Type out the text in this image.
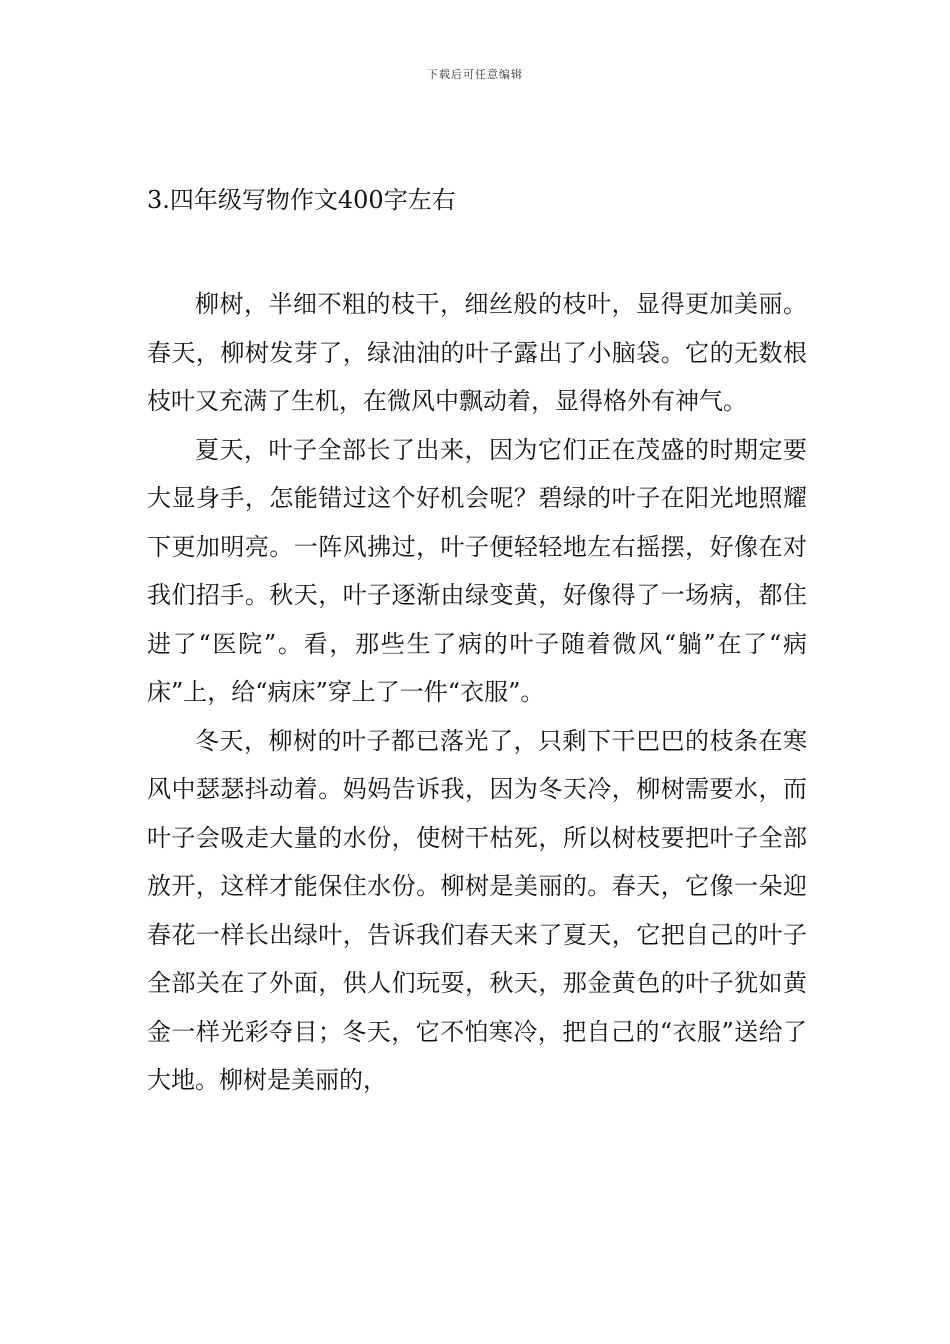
下载后可任意编辑
3.四年级写物作文400字左右

柳树，半细不粗的枝干，细丝般的枝叶，显得更加美丽。春天，柳树发芽了，绿油油的叶子露出了小脑袋。它的无数根枝叶又充满了生机，在微风中飘动着，显得格外有神气。

夏天，叶子全部长了出来，因为它们正在茂盛的时期定要大显身手，怎能错过这个好机会呢？碧绿的叶子在阳光地照耀下更加明亮。一阵风拂过，叶子便轻轻地左右摇摆，好像在对我们招手。秋天，叶子逐渐由绿变黄，好像得了一场病，都住进了“医院”。看，那些生了病的叶子随着微风“躺”在了“病床”上，给“病床”穿上了一件“衣服”。

冬天，柳树的叶子都已落光了，只剩下干巴巴的枝条在寒风中瑟瑟抖动着。妈妈告诉我，因为冬天冷，柳树需要水，而叶子会吸走大量的水份，使树干枯死，所以树枝要把叶子全部放开，这样才能保住水份。柳树是美丽的。春天，它像一朵迎春花一样长出绿叶，告诉我们春天来了夏天，它把自己的叶子全部关在了外面，供人们玩耍，秋天，那金黄色的叶子犹如黄金一样光彩夺目；冬天，它不怕寒冷，把自己的“衣服”送给了大地。柳树是美丽的，
